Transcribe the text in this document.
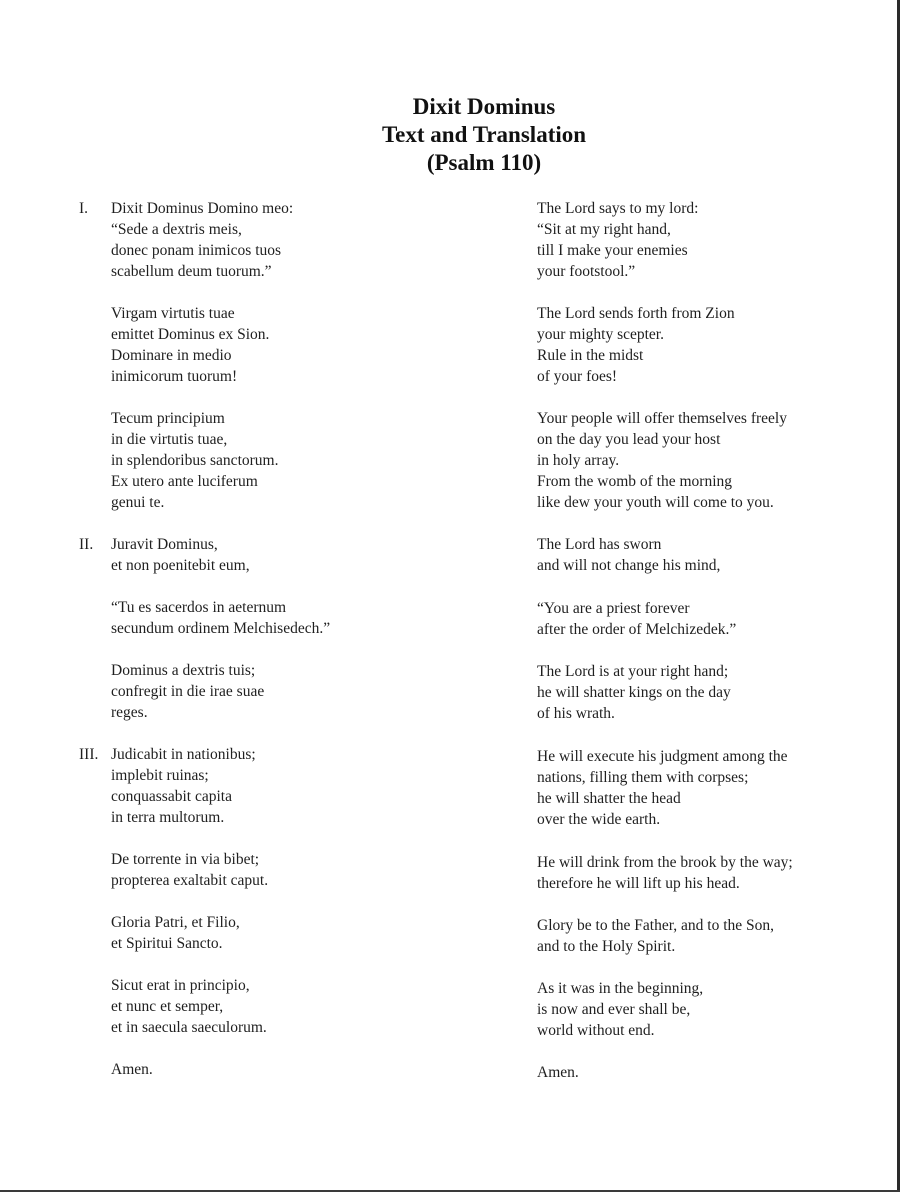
Dixit Dominus
Text and Translation
(Psalm 110)
I.
II.
III.
Dixit Dominus Domino meo:
“Sede a dextris meis,
donec ponam inimicos tuos
scabellum deum tuorum.”
Virgam virtutis tuae
emittet Dominus ex Sion.
Dominare in medio
inimicorum tuorum!
Tecum principium
in die virtutis tuae,
in splendoribus sanctorum.
Ex utero ante luciferum
genui te.
Juravit Dominus,
et non poenitebit eum,
“Tu es sacerdos in aeternum
secundum ordinem Melchisedech.”
Dominus a dextris tuis;
confregit in die irae suae
reges.
Judicabit in nationibus;
implebit ruinas;
conquassabit capita
in terra multorum.
De torrente in via bibet;
propterea exaltabit caput.
Gloria Patri, et Filio,
et Spiritui Sancto.
Sicut erat in principio,
et nunc et semper,
et in saecula saeculorum.
Amen.
The Lord says to my lord:
“Sit at my right hand,
till I make your enemies
your footstool.”
The Lord sends forth from Zion
your mighty scepter.
Rule in the midst
of your foes!
Your people will offer themselves freely
on the day you lead your host
in holy array.
From the womb of the morning
like dew your youth will come to you.
The Lord has sworn
and will not change his mind,
“You are a priest forever
after the order of Melchizedek.”
The Lord is at your right hand;
he will shatter kings on the day
of his wrath.
He will execute his judgment among the
nations, filling them with corpses;
he will shatter the head
over the wide earth.
He will drink from the brook by the way;
therefore he will lift up his head.
Glory be to the Father, and to the Son,
and to the Holy Spirit.
As it was in the beginning,
is now and ever shall be,
world without end.
Amen.
